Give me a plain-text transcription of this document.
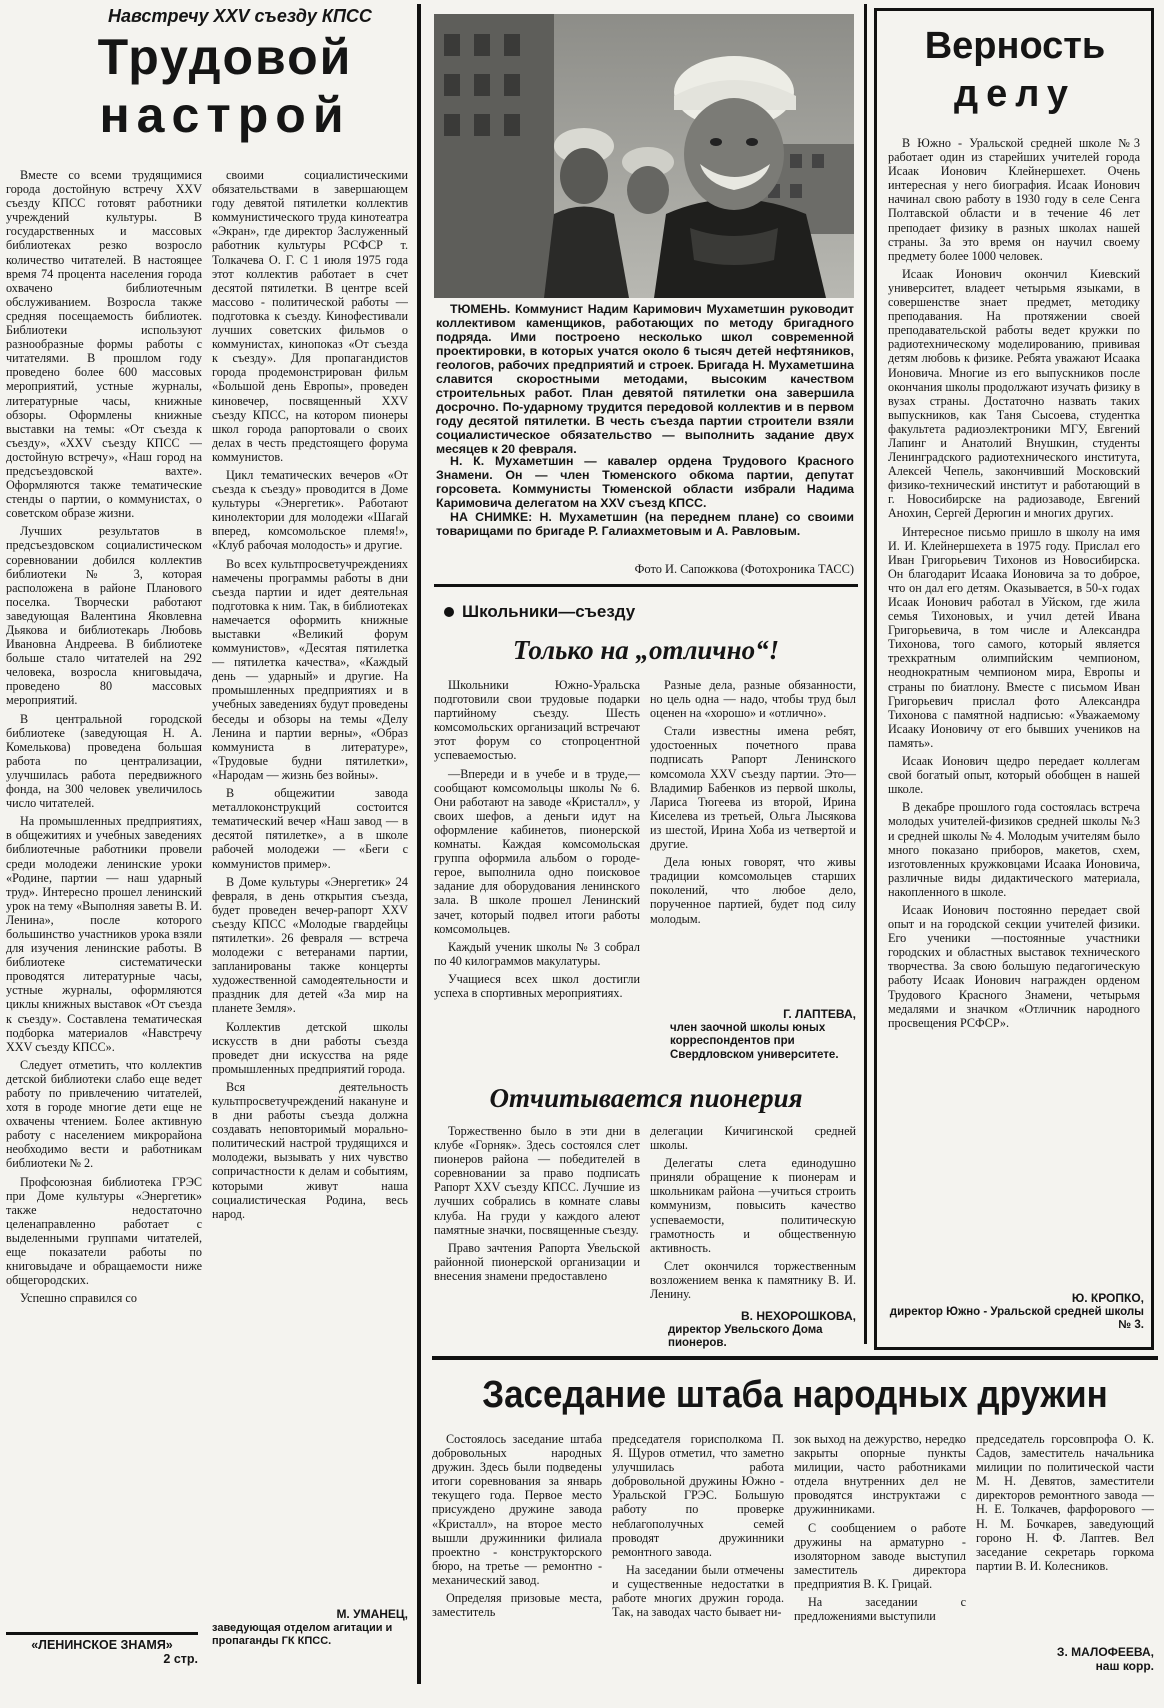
Навстречу XXV съезду КПСС
Трудовой
настрой

Вместе со всеми трудящимися города достойную встречу XXV съезду КПСС готовят работники учреждений культуры. В государственных и массовых библиотеках резко возросло количество читателей. В настоящее время 74 процента населения города охвачено библиотечным обслуживанием. Возросла также средняя посещаемость библиотек. Библиотеки используют разнообразные формы работы с читателями. В прошлом году проведено более 600 массовых мероприятий, устные журналы, литературные часы, книжные обзоры. Оформлены книжные выставки на темы: «От съезда к съезду», «XXV съезду КПСС — достойную встречу», «Наш город на предсъездовской вахте». Оформляются также тематические стенды о партии, о коммунистах, о советском образе жизни.

Лучших результатов в предсъездовском социалистическом соревновании добился коллектив библиотеки № 3, которая расположена в районе Планового поселка. Творчески работают заведующая Валентина Яковлевна Дьякова и библиотекарь Любовь Ивановна Андреева. В библиотеке больше стало читателей на 292 человека, возросла книговыдача, проведено 80 массовых мероприятий.

В центральной городской библиотеке (заведующая Н. А. Комелькова) проведена большая работа по централизации, улучшилась работа передвижного фонда, на 300 человек увеличилось число читателей.

На промышленных предприятиях, в общежитиях и учебных заведениях библиотечные работники провели среди молодежи ленинские уроки «Родине, партии — наш ударный труд». Интересно прошел ленинский урок на тему «Выполняя заветы В. И. Ленина», после которого большинство участников урока взяли для изучения ленинские работы. В библиотеке систематически проводятся литературные часы, устные журналы, оформляются циклы книжных выставок «От съезда к съезду». Составлена тематическая подборка материалов «Навстречу XXV съезду КПСС».

Следует отметить, что коллектив детской библиотеки слабо еще ведет работу по привлечению читателей, хотя в городе многие дети еще не охвачены чтением. Более активную работу с населением микрорайона необходимо вести и работникам библиотеки № 2.

Профсоюзная библиотека ГРЭС при Доме культуры «Энергетик» также недостаточно целенаправленно работает с выделенными группами читателей, еще показатели работы по книговыдаче и обращаемости ниже общегородских.

Успешно справился со

своими социалистическими обязательствами в завершающем году девятой пятилетки коллектив коммунистического труда кинотеатра «Экран», где директор Заслуженный работник культуры РСФСР т. Толкачева О. Г. С 1 июля 1975 года этот коллектив работает в счет десятой пятилетки. В центре всей массово - политической работы — подготовка к съезду. Кинофестивали лучших советских фильмов о коммунистах, кинопоказ «От съезда к съезду». Для пропагандистов города продемонстрирован фильм «Большой день Европы», проведен киновечер, посвященный XXV съезду КПСС, на котором пионеры школ города рапортовали о своих делах в честь предстоящего форума коммунистов.

Цикл тематических вечеров «От съезда к съезду» проводится в Доме культуры «Энергетик». Работают кинолектории для молодежи «Шагай вперед, комсомольское племя!», «Клуб рабочая молодость» и другие.

Во всех культпросветучреждениях намечены программы работы в дни съезда партии и идет деятельная подготовка к ним. Так, в библиотеках намечается оформить книжные выставки «Великий форум коммунистов», «Десятая пятилетка — пятилетка качества», «Каждый день — ударный» и другие. На промышленных предприятиях и в учебных заведениях будут проведены беседы и обзоры на темы «Делу Ленина и партии верны», «Образ коммуниста в литературе», «Трудовые будни пятилетки», «Народам — жизнь без войны».

В общежитии завода металлоконструкций состоится тематический вечер «Наш завод — в десятой пятилетке», а в школе рабочей молодежи — «Беги с коммунистов пример».

В Доме культуры «Энергетик» 24 февраля, в день открытия съезда, будет проведен вечер-рапорт XXV съезду КПСС «Молодые гвардейцы пятилетки». 26 февраля — встреча молодежи с ветеранами партии, запланированы также концерты художественной самодеятельности и праздник для детей «За мир на планете Земля».

Коллектив детской школы искусств в дни работы съезда проведет дни искусства на ряде промышленных предприятий города.

Вся деятельность культпросветучреждений накануне и в дни работы съезда должна создавать неповторимый морально-политический настрой трудящихся и молодежи, вызывать у них чувство сопричастности к делам и событиям, которыми живут наша социалистическая Родина, весь народ.

М. УМАНЕЦ,
заведующая отделом агитации и пропаганды ГК КПСС.
«ЛЕНИНСКОЕ ЗНАМЯ»
2 стр.
ТЮМЕНЬ. Коммунист Надим Каримович Мухаметшин руководит коллективом каменщиков, работающих по методу бригадного подряда. Ими построено несколько школ современной проектировки, в которых учатся около 6 тысяч детей нефтяников, геологов, рабочих предприятий и строек. Бригада Н. Мухаметшина славится скоростными методами, высоким качеством строительных работ. План девятой пятилетки она завершила досрочно. По-ударному трудится передовой коллектив и в первом году десятой пятилетки. В честь съезда партии строители взяли социалистическое обязательство — выполнить задание двух месяцев к 20 февраля.
Н. К. Мухаметшин — кавалер ордена Трудового Красного Знамени. Он — член Тюменского обкома партии, депутат горсовета. Коммунисты Тюменской области избрали Надима Каримовича делегатом на XXV съезд КПСС.
НА СНИМКЕ: Н. Мухаметшин (на переднем плане) со своими товарищами по бригаде Р. Галиахметовым и А. Равловым.
Фото И. Сапожкова (Фотохроника ТАСС)
Школьники—съезду
Только на „отлично“!

Школьники Южно-Уральска подготовили свои трудовые подарки партийному съезду. Шесть комсомольских организаций встречают этот форум со стопроцентной успеваемостью.

—Впереди и в учебе и в труде,— сообщают комсомольцы школы № 6. Они работают на заводе «Кристалл», у своих шефов, а деньги идут на оформление кабинетов, пионерской комнаты. Каждая комсомольская группа оформила альбом о городе-герое, выполнила одно поисковое задание для оборудования ленинского зала. В школе прошел Ленинский зачет, который подвел итоги работы комсомольцев.

Каждый ученик школы № 3 собрал по 40 килограммов макулатуры.

Учащиеся всех школ достигли успеха в спортивных мероприятиях.

Разные дела, разные обязанности, но цель одна — надо, чтобы труд был оценен на «хорошо» и «отлично».

Стали известны имена ребят, удостоенных почетного права подписать Рапорт Ленинского комсомола XXV съезду партии. Это— Владимир Бабенков из первой школы, Лариса Тюгеева из второй, Ирина Киселева из третьей, Ольга Лысякова из шестой, Ирина Хоба из четвертой и другие.

Дела юных говорят, что живы традиции комсомольцев старших поколений, что любое дело, порученное партией, будет под силу молодым.

Г. ЛАПТЕВА,
член заочной школы юных корреспондентов при Свердловском университете.
Отчитывается пионерия

Торжественно было в эти дни в клубе «Горняк». Здесь состоялся слет пионеров района — победителей в соревновании за право подписать Рапорт XXV съезду КПСС. Лучшие из лучших собрались в комнате славы клуба. На груди у каждого алеют памятные значки, посвященные съезду.

Право зачтения Рапорта Увельской районной пионерской организации и внесения знамени предоставлено

делегации Кичигинской средней школы.

Делегаты слета единодушно приняли обращение к пионерам и школьникам района —учиться строить коммунизм, повысить качество успеваемости, политическую грамотность и общественную активность.

Слет окончился торжественным возложением венка к памятнику В. И. Ленину.

В. НЕХОРОШКОВА,
директор Увельского Дома пионеров.
Верность
делу

В Южно - Уральской средней школе №3 работает один из старейших учителей города Исаак Ионович Клейнершехет. Очень интересная у него биография. Исаак Ионович начинал свою работу в 1930 году в селе Сенга Полтавской области и в течение 46 лет преподает физику в разных школах нашей страны. За это время он научил своему предмету более 1000 человек.

Исаак Ионович окончил Киевский университет, владеет четырьмя языками, в совершенстве знает предмет, методику преподавания. На протяжении своей преподавательской работы ведет кружки по радиотехническому моделированию, прививая детям любовь к физике. Ребята уважают Исаака Ионовича. Многие из его выпускников после окончания школы продолжают изучать физику в вузах страны. Достаточно назвать таких выпускников, как Таня Сысоева, студентка факультета радиоэлектроники МГУ, Евгений Лапинг и Анатолий Внушкин, студенты Ленинградского радиотехнического института, Алексей Чепель, закончивший Московский физико-технический институт и работающий в г. Новосибирске на радиозаводе, Евгений Анохин, Сергей Дерюгин и многих других.

Интересное письмо пришло в школу на имя И. И. Клейнершехета в 1975 году. Прислал его Иван Григорьевич Тихонов из Новосибирска. Он благодарит Исаака Ионовича за то доброе, что он дал его детям. Оказывается, в 50-х годах Исаак Ионович работал в Уйском, где жила семья Тихоновых, и учил детей Ивана Григорьевича, в том числе и Александра Тихонова, того самого, который является трехкратным олимпийским чемпионом, неоднократным чемпионом мира, Европы и страны по биатлону. Вместе с письмом Иван Григорьевич прислал фото Александра Тихонова с памятной надписью: «Уважаемому Исааку Ионовичу от его бывших учеников на память».

Исаак Ионович щедро передает коллегам свой богатый опыт, который обобщен в нашей школе.

В декабре прошлого года состоялась встреча молодых учителей-физиков средней школы №3 и средней школы № 4. Молодым учителям было много показано приборов, макетов, схем, изготовленных кружковцами Исаака Ионовича, различные виды дидактического материала, накопленного в школе.

Исаак Ионович постоянно передает свой опыт и на городской секции учителей физики. Его ученики —постоянные участники городских и областных выставок технического творчества. За свою большую педагогическую работу Исаак Ионович награжден орденом Трудового Красного Знамени, четырьмя медалями и значком «Отличник народного просвещения РСФСР».

Ю. КРОПКО,
директор Южно - Уральской средней школы № 3.
Заседание штаба народных дружин

Состоялось заседание штаба добровольных народных дружин. Здесь были подведены итоги соревнования за январь текущего года. Первое место присуждено дружине завода «Кристалл», на второе место вышли дружинники филиала проектно - конструкторского бюро, на третье — ремонтно - механический завод.

Определяя призовые места, заместитель

председателя горисполкома П. Я. Щуров отметил, что заметно улучшилась работа добровольной дружины Южно - Уральской ГРЭС. Большую работу по проверке неблагополучных семей проводят дружинники ремонтного завода.

На заседании были отмечены и существенные недостатки в работе многих дружин города. Так, на заводах часто бывает ни-

зок выход на дежурство, нередко закрыты опорные пункты милиции, часто работниками отдела внутренних дел не проводятся инструктажи с дружинниками.

С сообщением о работе дружины на арматурно - изоляторном заводе выступил заместитель директора предприятия В. К. Грицай.

На заседании с предложениями выступили

председатель горсовпрофа О. К. Садов, заместитель начальника милиции по политической части М. Н. Девятов, заместители директоров ремонтного завода — Н. Е. Толкачев, фарфорового — Н. М. Бочкарев, заведующий гороно Н. Ф. Лаптев. Вел заседание секретарь горкома партии В. И. Колесников.

З. МАЛОФЕЕВА,
наш корр.
